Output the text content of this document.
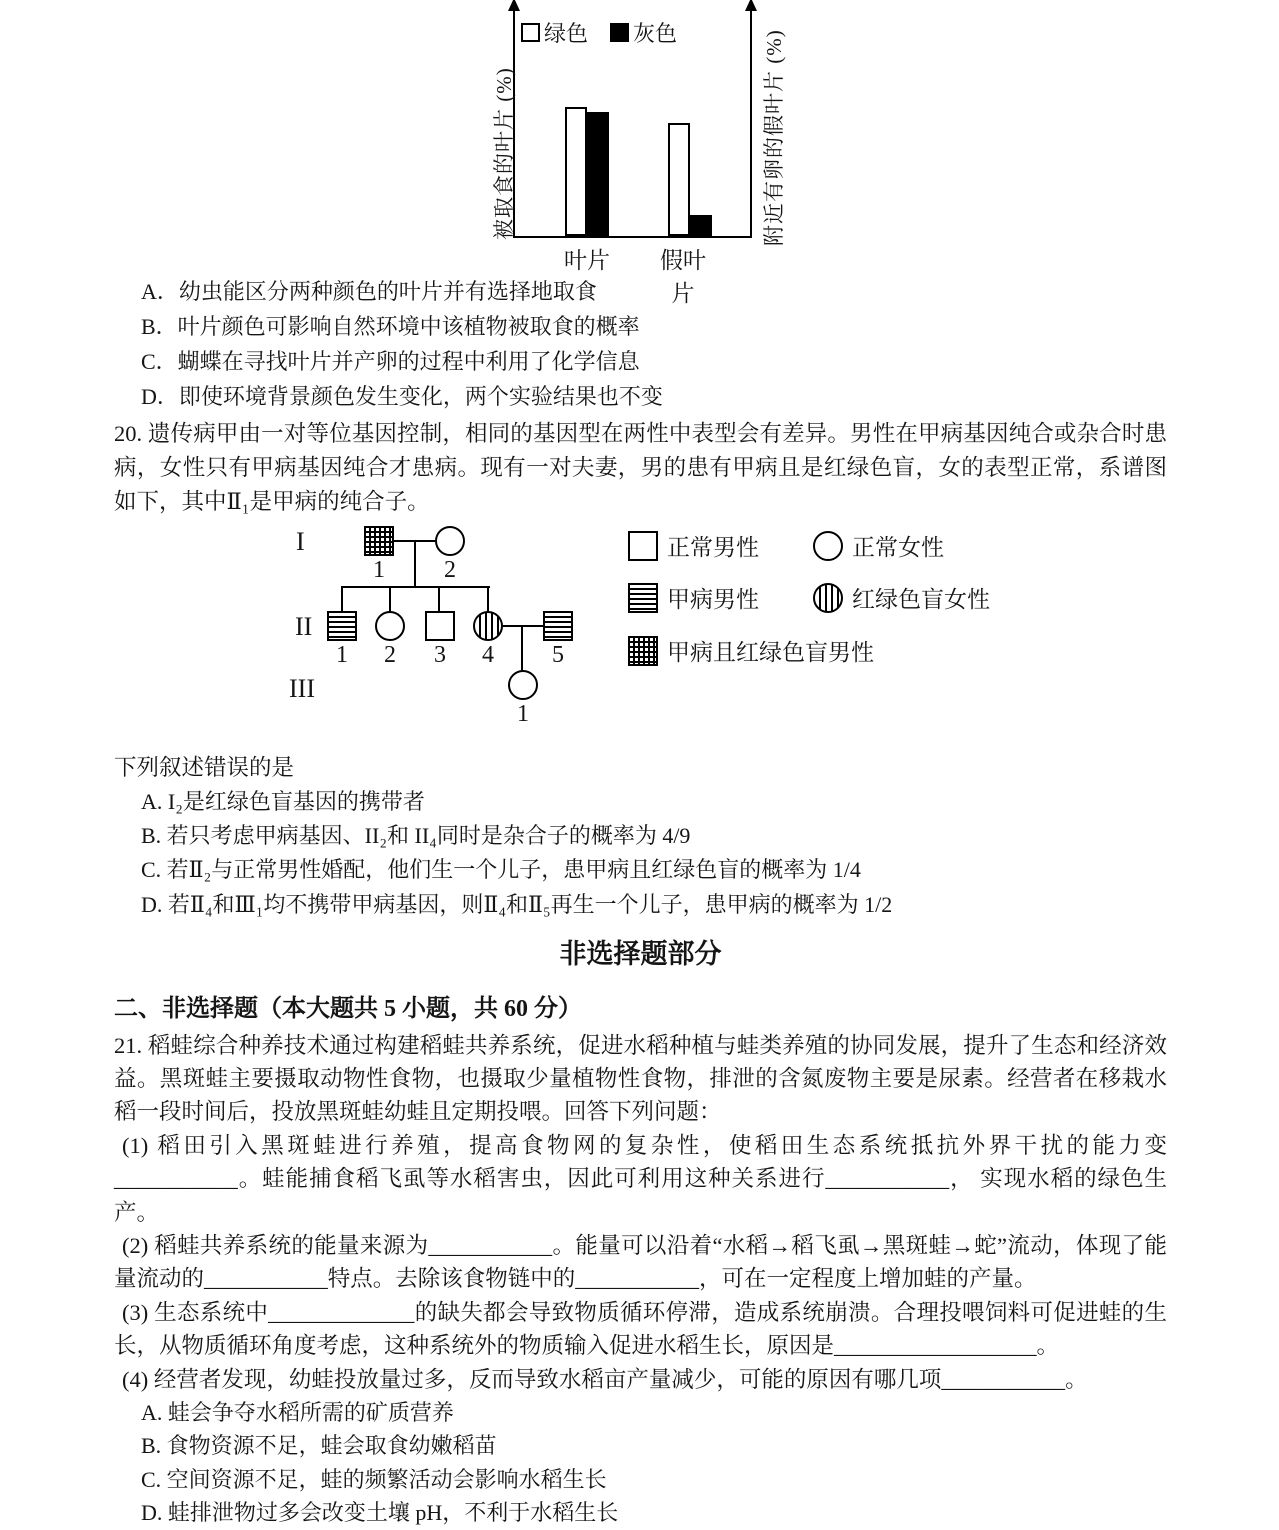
被取食的叶片 (%)	附近有卵的假叶片 (%)
绿色 灰色
叶片	假叶片
A．幼虫能区分两种颜色的叶片并有选择地取食
B．叶片颜色可影响自然环境中该植物被取食的概率
C．蝴蝶在寻找叶片并产卵的过程中利用了化学信息
D．即使环境背景颜色发生变化，两个实验结果也不变

20. 遗传病甲由一对等位基因控制，相同的基因型在两性中表型会有差异。男性在甲病基因纯合或杂合时患病，女性只有甲病基因纯合才患病。现有一对夫妻，男的患有甲病且是红绿色盲，女的表型正常，系谱图如下，其中Ⅱ₁是甲病的纯合子。

I
II
III
1	2
1	2	3	4	5
1
正常男性	正常女性
甲病男性	红绿色盲女性
甲病且红绿色盲男性

下列叙述错误的是

A. I₂是红绿色盲基因的携带者
B. 若只考虑甲病基因、II₂和 II₄同时是杂合子的概率为 4/9
C. 若Ⅱ₂与正常男性婚配，他们生一个儿子，患甲病且红绿色盲的概率为 1/4
D. 若Ⅱ₄和Ⅲ₁均不携带甲病基因，则Ⅱ₄和Ⅱ₅再生一个儿子，患甲病的概率为 1/2
非选择题部分
二、非选择题（本大题共 5 小题，共 60 分）

21. 稻蛙综合种养技术通过构建稻蛙共养系统，促进水稻种植与蛙类养殖的协同发展，提升了生态和经济效益。黑斑蛙主要摄取动物性食物，也摄取少量植物性食物，排泄的含氮废物主要是尿素。经营者在移栽水稻一段时间后，投放黑斑蛙幼蛙且定期投喂。回答下列问题：

(1) 稻田引入黑斑蛙进行养殖，提高食物网的复杂性，使稻田生态系统抵抗外界干扰的能力变___________。蛙能捕食稻飞虱等水稻害虫，因此可利用这种关系进行___________， 实现水稻的绿色生产。

(2) 稻蛙共养系统的能量来源为___________。能量可以沿着“水稻→稻飞虱→黑斑蛙→蛇”流动，体现了能量流动的___________特点。去除该食物链中的___________，可在一定程度上增加蛙的产量。

(3) 生态系统中_____________的缺失都会导致物质循环停滞，造成系统崩溃。合理投喂饲料可促进蛙的生长，从物质循环角度考虑，这种系统外的物质输入促进水稻生长，原因是__________________。

(4) 经营者发现，幼蛙投放量过多，反而导致水稻亩产量减少，可能的原因有哪几项___________。

A. 蛙会争夺水稻所需的矿质营养
B. 食物资源不足，蛙会取食幼嫩稻苗
C. 空间资源不足，蛙的频繁活动会影响水稻生长
D. 蛙排泄物过多会改变土壤 pH，不利于水稻生长
